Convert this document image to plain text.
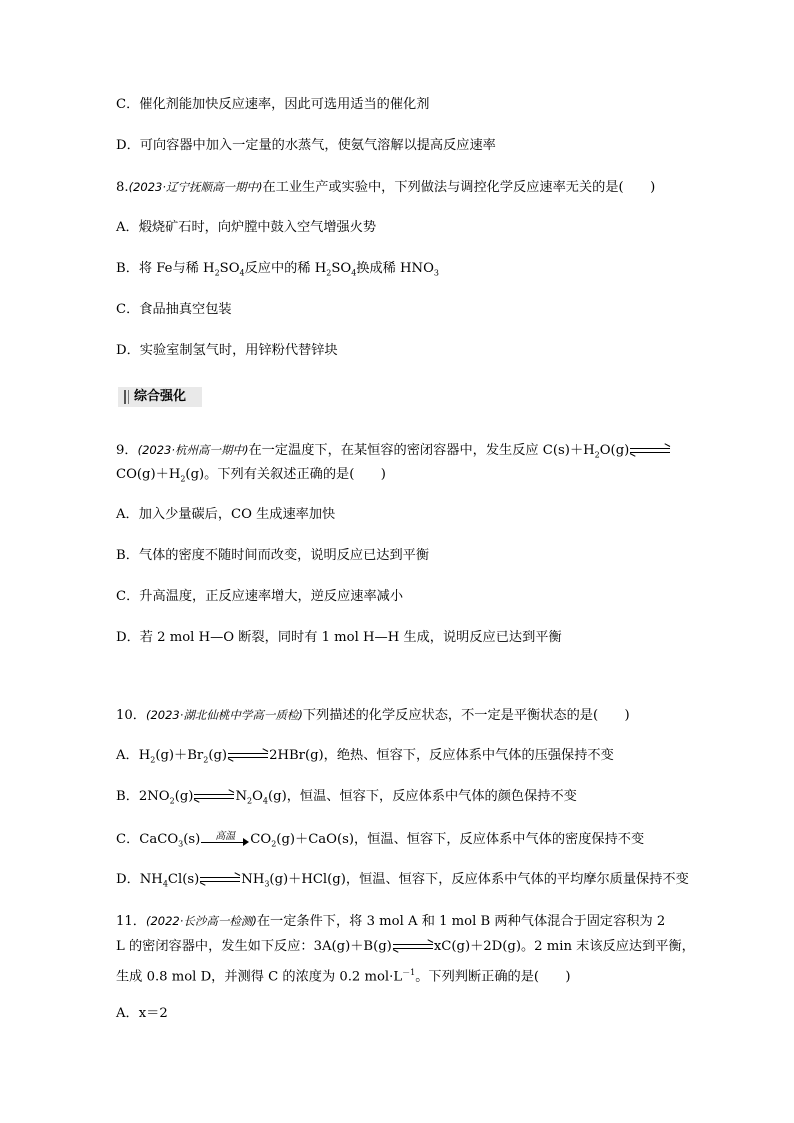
C．催化剂能加快反应速率，因此可选用适当的催化剂
D．可向容器中加入一定量的水蒸气，使氨气溶解以提高反应速率
8.(2023·辽宁抚顺高一期中)在工业生产或实验中，下列做法与调控化学反应速率无关的是(　　)
A．煅烧矿石时，向炉膛中鼓入空气增强火势
B．将 Fe与稀 $H_2SO_4$反应中的稀 $H_2SO_4$换成稀 $HNO_3$
C．食品抽真空包装
D．实验室制氢气时，用锌粉代替锌块
综合强化
9．(2023·杭州高一期中)在一定温度下，在某恒容的密闭容器中，发生反应 $C(s)+H_2O(g)$
$CO(g)+H_2(g)$。下列有关叙述正确的是(　　)
A．加入少量碳后，CO 生成速率加快
B．气体的密度不随时间而改变，说明反应已达到平衡
C．升高温度，正反应速率增大，逆反应速率减小
D．若 2 mol H—O 断裂，同时有 1 mol H—H 生成，说明反应已达到平衡
10．(2023·湖北仙桃中学高一质检)下列描述的化学反应状态，不一定是平衡状态的是(　　)
A．$H_2(g)+Br_2(g)$	2HBr(g)，绝热、恒容下，反应体系中气体的压强保持不变
B．$2NO_2(g)$	$N_2O_4(g)$，恒温、恒容下，反应体系中气体的颜色保持不变
C．CaCO$_3$(s)	高温	$CO_2(g)+CaO(s)$，恒温、恒容下，反应体系中气体的密度保持不变
D．$NH_4Cl(s)$	$NH_3(g)+HCl(g)$，恒温、恒容下，反应体系中气体的平均摩尔质量保持不变
11．(2022·长沙高一检测)在一定条件下，将 3 mol A 和 1 mol B 两种气体混合于固定容积为 2
L 的密闭容器中，发生如下反应：3A(g)＋B(g)	xC(g)＋2D(g)。2 min 末该反应达到平衡，
生成 0.8 mol D，并测得 C 的浓度为 0.2 $mol\cdot L^{-1}$。下列判断正确的是(　　)
A．x＝2
